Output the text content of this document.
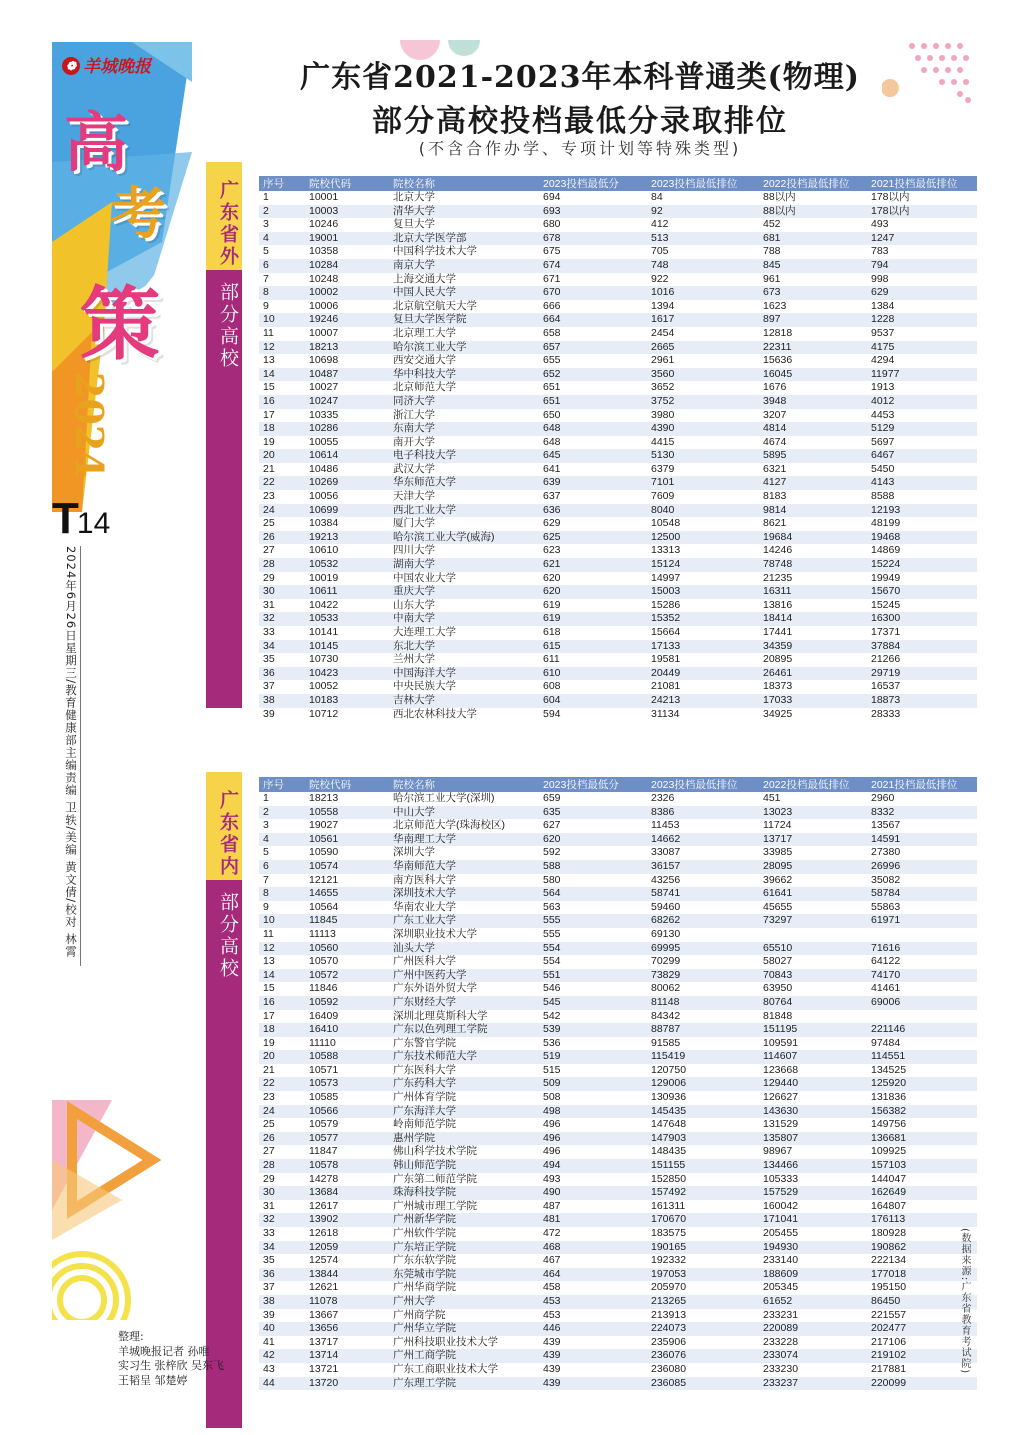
❁ 羊城晚报
高
考
策
2024
T14
2024年6月26日星期三/教育健康部主编责编 卫轶/美编 黄文倩/校对 林霄
广东省2021-2023年本科普通类(物理)
部分高校投档最低分录取排位
(不含合作办学、专项计划等特殊类型)
广东省外
部分高校
序号	院校代码	院校名称	2023投档最低分	2023投档最低排位	2022投档最低排位	2021投档最低排位
1	10001	北京大学	694	84	88以内	178以内
2	10003	清华大学	693	92	88以内	178以内
3	10246	复旦大学	680	412	452	493
4	19001	北京大学医学部	678	513	681	1247
5	10358	中国科学技术大学	675	705	788	783
6	10284	南京大学	674	748	845	794
7	10248	上海交通大学	671	922	961	998
8	10002	中国人民大学	670	1016	673	629
9	10006	北京航空航天大学	666	1394	1623	1384
10	19246	复旦大学医学院	664	1617	897	1228
11	10007	北京理工大学	658	2454	12818	9537
12	18213	哈尔滨工业大学	657	2665	22311	4175
13	10698	西安交通大学	655	2961	15636	4294
14	10487	华中科技大学	652	3560	16045	11977
15	10027	北京师范大学	651	3652	1676	1913
16	10247	同济大学	651	3752	3948	4012
17	10335	浙江大学	650	3980	3207	4453
18	10286	东南大学	648	4390	4814	5129
19	10055	南开大学	648	4415	4674	5697
20	10614	电子科技大学	645	5130	5895	6467
21	10486	武汉大学	641	6379	6321	5450
22	10269	华东师范大学	639	7101	4127	4143
23	10056	天津大学	637	7609	8183	8588
24	10699	西北工业大学	636	8040	9814	12193
25	10384	厦门大学	629	10548	8621	48199
26	19213	哈尔滨工业大学(威海)	625	12500	19684	19468
27	10610	四川大学	623	13313	14246	14869
28	10532	湖南大学	621	15124	78748	15224
29	10019	中国农业大学	620	14997	21235	19949
30	10611	重庆大学	620	15003	16311	15670
31	10422	山东大学	619	15286	13816	15245
32	10533	中南大学	619	15352	18414	16300
33	10141	大连理工大学	618	15664	17441	17371
34	10145	东北大学	615	17133	34359	37884
35	10730	兰州大学	611	19581	20895	21266
36	10423	中国海洋大学	610	20449	26461	29719
37	10052	中央民族大学	608	21081	18373	16537
38	10183	吉林大学	604	24213	17033	18873
39	10712	西北农林科技大学	594	31134	34925	28333
广东省内
部分高校
序号	院校代码	院校名称	2023投档最低分	2023投档最低排位	2022投档最低排位	2021投档最低排位
1	18213	哈尔滨工业大学(深圳)	659	2326	451	2960
2	10558	中山大学	635	8386	13023	8332
3	19027	北京师范大学(珠海校区)	627	11453	11724	13567
4	10561	华南理工大学	620	14662	13717	14591
5	10590	深圳大学	592	33087	33985	27380
6	10574	华南师范大学	588	36157	28095	26996
7	12121	南方医科大学	580	43256	39662	35082
8	14655	深圳技术大学	564	58741	61641	58784
9	10564	华南农业大学	563	59460	45655	55863
10	11845	广东工业大学	555	68262	73297	61971
11	11113	深圳职业技术大学	555	69130		
12	10560	汕头大学	554	69995	65510	71616
13	10570	广州医科大学	554	70299	58027	64122
14	10572	广州中医药大学	551	73829	70843	74170
15	11846	广东外语外贸大学	546	80062	63950	41461
16	10592	广东财经大学	545	81148	80764	69006
17	16409	深圳北理莫斯科大学	542	84342	81848	
18	16410	广东以色列理工学院	539	88787	151195	221146
19	11110	广东警官学院	536	91585	109591	97484
20	10588	广东技术师范大学	519	115419	114607	114551
21	10571	广东医科大学	515	120750	123668	134525
22	10573	广东药科大学	509	129006	129440	125920
23	10585	广州体育学院	508	130936	126627	131836
24	10566	广东海洋大学	498	145435	143630	156382
25	10579	岭南师范学院	496	147648	131529	149756
26	10577	惠州学院	496	147903	135807	136681
27	11847	佛山科学技术学院	496	148435	98967	109925
28	10578	韩山师范学院	494	151155	134466	157103
29	14278	广东第二师范学院	493	152850	105333	144047
30	13684	珠海科技学院	490	157492	157529	162649
31	12617	广州城市理工学院	487	161311	160042	164807
32	13902	广州新华学院	481	170670	171041	176113
33	12618	广州软件学院	472	183575	205455	180928
34	12059	广东培正学院	468	190165	194930	190862
35	12574	广东东软学院	467	192332	233140	222134
36	13844	东莞城市学院	464	197053	188609	177018
37	12621	广州华商学院	458	205970	205345	195150
38	11078	广州大学	453	213265	61652	86450
39	13667	广州商学院	453	213913	233231	221557
40	13656	广州华立学院	446	224073	220089	202477
41	13717	广州科技职业技术大学	439	235906	233228	217106
42	13714	广州工商学院	439	236076	233074	219102
43	13721	广东工商职业技术大学	439	236080	233230	217881
44	13720	广东理工学院	439	236085	233237	220099
(数据来源:广东省教育考试院)
整理:
羊城晚报记者 孙唯
实习生 张梓欣 吴东飞
王韬呈 邹楚婷
